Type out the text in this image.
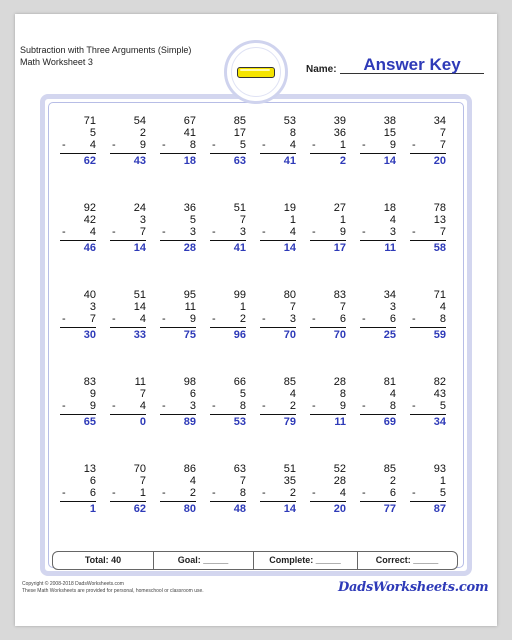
Subtraction with Three Arguments (Simple)
Math Worksheet 3
Name:	Answer Key
71
5
- 4
62
54
2
- 9
43
67
41
- 8
18
85
17
- 5
63
53
8
- 4
41
39
36
- 1
2
38
15
- 9
14
34
7
- 7
20
92
42
- 4
46
24
3
- 7
14
36
5
- 3
28
51
7
- 3
41
19
1
- 4
14
27
1
- 9
17
18
4
- 3
11
78
13
- 7
58
40
3
- 7
30
51
14
- 4
33
95
11
- 9
75
99
1
- 2
96
80
7
- 3
70
83
7
- 6
70
34
3
- 6
25
71
4
- 8
59
83
9
- 9
65
11
7
- 4
0
98
6
- 3
89
66
5
- 8
53
85
4
- 2
79
28
8
- 9
11
81
4
- 8
69
82
43
- 5
34
13
6
- 6
1
70
7
- 1
62
86
4
- 2
80
63
7
- 8
48
51
35
- 2
14
52
28
- 4
20
85
2
- 6
77
93
1
- 5
87
Total: 40	Goal: _____	Complete: _____	Correct: _____
Copyright © 2008-2018 DadsWorksheets.com
These Math Worksheets are provided for personal, homeschool or classroom use.	DadsWorksheets.com
